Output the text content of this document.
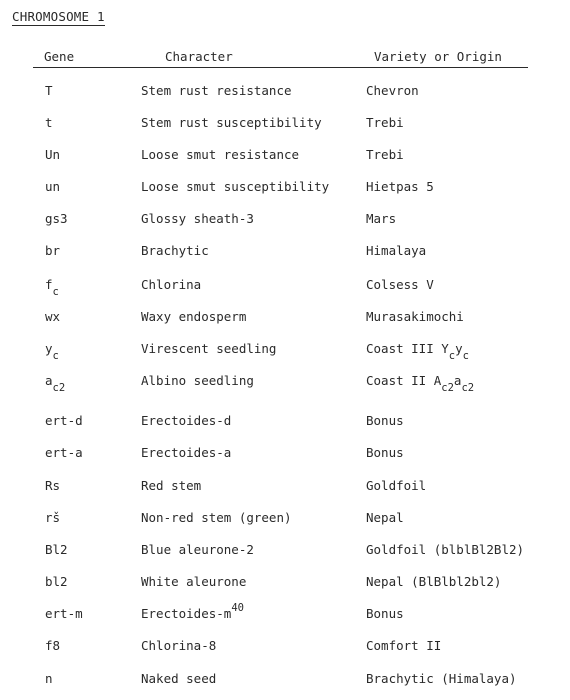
CHROMOSOME 1
Gene	Character	Variety or Origin
T	Stem rust resistance	Chevron
t	Stem rust susceptibility	Trebi
Un	Loose smut resistance	Trebi
un	Loose smut susceptibility	Hietpas 5
gs3	Glossy sheath-3	Mars
br	Brachytic	Himalaya
$f_c$	Chlorina	Colsess V
wx	Waxy endosperm	Murasakimochi
$y_c$	Virescent seedling	Coast III $Y_cy_c$
$a_{c2}$	Albino seedling	Coast II $A_{c2}a_{c2}$
ert-d	Erectoides-d	Bonus
ert-a	Erectoides-a	Bonus
Rs	Red stem	Goldfoil
rš	Non-red stem (green)	Nepal
Bl2	Blue aleurone-2	Goldfoil (blblBl2Bl2)
bl2	White aleurone	Nepal (BlBlbl2bl2)
ert-m	Erectoides-$m^{40}$	Bonus
f8	Chlorina-8	Comfort II
n	Naked seed	Brachytic (Himalaya)
